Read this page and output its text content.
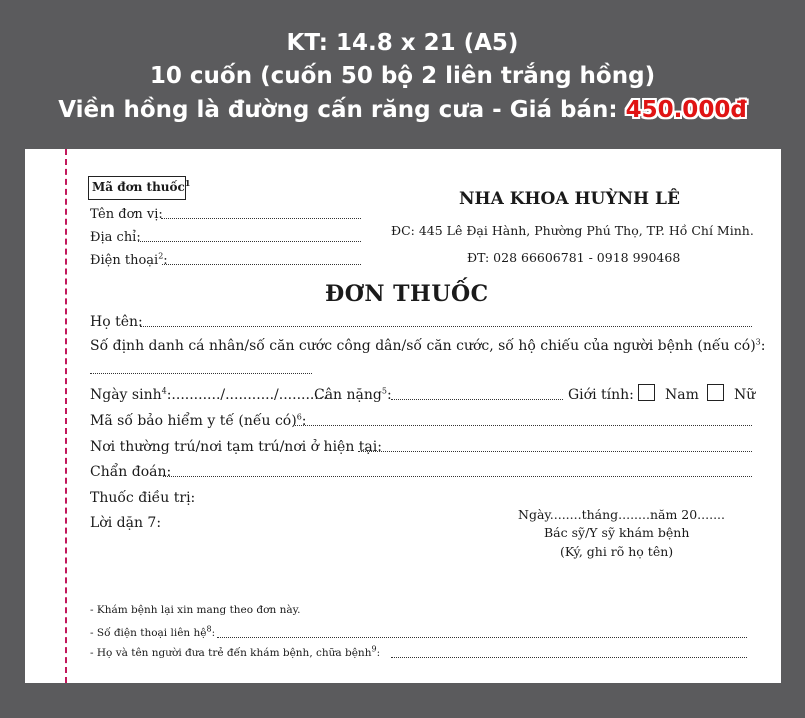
KT: 14.8 x 21 (A5)
10 cuốn (cuốn 50 bộ 2 liên trắng hồng)
Viền hồng là đường cấn răng cưa - Giá bán: 450.000đ
Mã đơn thuốc$^1$
Tên đơn vị:
Địa chỉ:
Điện thoại$^2$:
NHA KHOA HUỲNH LÊ
ĐC: 445 Lê Đại Hành, Phường Phú Thọ, TP. Hồ Chí Minh.
ĐT: 028 66606781 - 0918 990468
ĐƠN THUỐC
Họ tên:
Số định danh cá nhân/số căn cước công dân/số căn cước, số hộ chiếu của người bệnh (nếu có)$^3$:
Ngày $\sinh^4:.........../.........../$...........
Cân nặng$^5$:	Giới tính: Nam	Nữ
Mã số bảo hiểm y tế (nếu có)$^6$:
Nơi thường trú/nơi tạm trú/nơi ở hiện tại:
Chẩn đoán:
Thuốc điều trị:
Lời dặn 7:
Ngày........tháng........năm 20.......
Bác sỹ/Y sỹ khám bệnh
(Ký, ghi rõ họ tên)
- Khám bệnh lại xin mang theo đơn này.
- Số điện thoại liên hệ$^8$:
- Họ và tên người đưa trẻ đến khám bệnh, chữa bệnh$^9$:
